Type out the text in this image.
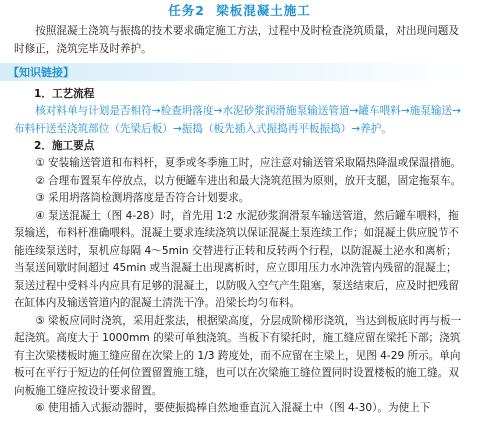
任务2 梁板混凝土施工

按照混凝土浇筑与振捣的技术要求确定施工方法，过程中及时检查浇筑质量，对出现问题及时修正，浇筑完毕及时养护。

【知识链接】
1．工艺流程

核对料单与计划是否相符→检查坍落度→水泥砂浆润滑施泵输送管道→罐车喂料→施泵输送→布料杆送至浇筑部位（先梁后板）→振捣（板先插入式振捣再平板振捣）→养护。

2．施工要点

① 安装输送管道和布料杆，夏季或冬季施工时，应注意对输送管采取隔热降温或保温措施。

② 合理布置泵车停放点，以方便罐车进出和最大浇筑范围为原则，放开支腿，固定拖泵车。

③ 采用坍落筒检测坍落度是否符合计划要求。

④ 泵送混凝土（图 4-28）时，首先用 1∶2 水泥砂浆润滑泵车输送管道，然后罐车喂料，拖泵输送，布料杆准确喂料。混凝土要求连续浇筑以保证混凝土泵连续工作；如混凝土供应脱节不能连续泵送时，泵机应每隔 4～5min 交替进行正转和反转两个行程，以防混凝土泌水和离析；当泵送间歇时间超过 45min 或当混凝土出现离析时，应立即用压力水冲洗管内残留的混凝土；泵送过程中受料斗内应具有足够的混凝土，以防吸入空气产生阻塞，泵送结束后，应及时把残留在缸体内及输送管道内的混凝土清洗干净。沿梁长均匀布料。

⑤ 梁板应同时浇筑，采用赶浆法，根据梁高度，分层成阶梯形浇筑，当达到板底时再与板一起浇筑。高度大于 1000mm 的梁可单独浇筑。当板下有梁托时，施工缝应留在梁托下部；浇筑有主次梁楼板时施工缝应留在次梁上的 1/3 跨度处，而不应留在主梁上，见图 4-29 所示。单向板可在平行于短边的任何位置留置施工缝，也可以在次梁施工缝位置同时设置楼板的施工缝。双向板施工缝应按设计要求留置。

⑥ 使用插入式振动器时，要使振捣棒自然地垂直沉入混凝土中（图 4-30）。为使上下
